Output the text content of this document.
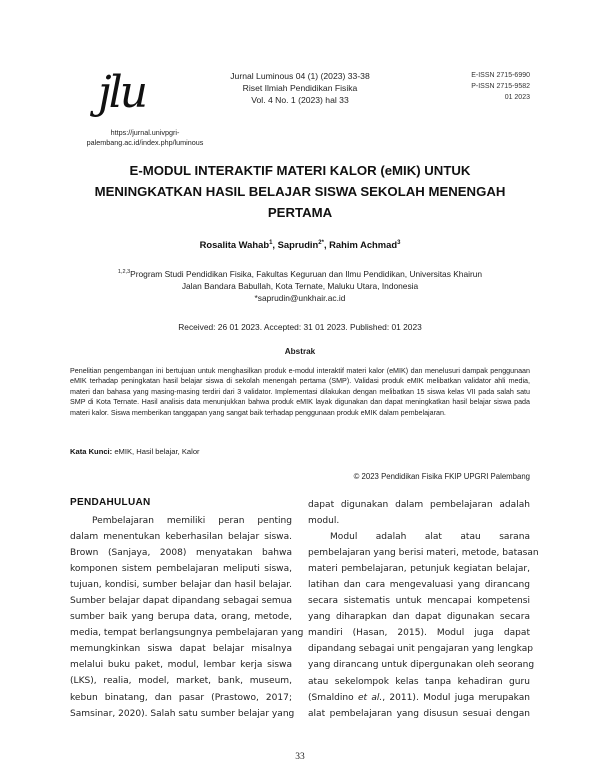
jlu
https://jurnal.univpgri-
palembang.ac.id/index.php/luminous
Jurnal Luminous 04 (1) (2023) 33-38
Riset Ilmiah Pendidikan Fisika
Vol. 4 No. 1 (2023) hal 33
E-ISSN 2715-6990
P-ISSN 2715-9582
01 2023
E-MODUL INTERAKTIF MATERI KALOR (eMIK) UNTUK
MENINGKATKAN HASIL BELAJAR SISWA SEKOLAH MENENGAH
PERTAMA
Rosalita Wahab$^1$, Saprudin$^{2*}$, Rahim Achmad$^3$
$^{1,2,3}$Program Studi Pendidikan Fisika, Fakultas Keguruan dan Ilmu Pendidikan, Universitas Khairun
Jalan Bandara Babullah, Kota Ternate, Maluku Utara, Indonesia
*saprudin@unkhair.ac.id
Received: 26 01 2023. Accepted: 31 01 2023. Published: 01 2023
Abstrak
Penelitian pengembangan ini bertujuan untuk menghasilkan produk e-modul interaktif materi kalor (eMIK) dan menelusuri dampak penggunaan eMIK terhadap peningkatan hasil belajar siswa di sekolah menengah pertama (SMP). Validasi produk eMIK melibatkan validator ahli media, materi dan bahasa yang masing-masing terdiri dari 3 validator. Implementasi dilakukan dengan melibatkan 15 siswa kelas VII pada salah satu SMP di Kota Ternate. Hasil analisis data menunjukkan bahwa produk eMIK layak digunakan dan dapat meningkatkan hasil belajar siswa pada materi kalor. Siswa memberikan tanggapan yang sangat baik terhadap penggunaan produk eMIK dalam pembelajaran.
Kata Kunci: eMIK, Hasil belajar, Kalor
© 2023 Pendidikan Fisika FKIP UPGRI Palembang
PENDAHULUAN
Pembelajaran memiliki peran penting
dalam menentukan keberhasilan belajar siswa.
Brown (Sanjaya, 2008) menyatakan bahwa
komponen sistem pembelajaran meliputi siswa,
tujuan, kondisi, sumber belajar dan hasil belajar.
Sumber belajar dapat dipandang sebagai semua
sumber baik yang berupa data, orang, metode,
media, tempat berlangsungnya pembelajaran yang
memungkinkan siswa dapat belajar misalnya
melalui buku paket, modul, lembar kerja siswa
(LKS), realia, model, market, bank, museum,
kebun binatang, dan pasar (Prastowo, 2017;
Samsinar, 2020). Salah satu sumber belajar yang
dapat digunakan dalam pembelajaran adalah
modul.
Modul adalah alat atau sarana
pembelajaran yang berisi materi, metode, batasan
materi pembelajaran, petunjuk kegiatan belajar,
latihan dan cara mengevaluasi yang dirancang
secara sistematis untuk mencapai kompetensi
yang diharapkan dan dapat digunakan secara
mandiri (Hasan, 2015). Modul juga dapat
dipandang sebagai unit pengajaran yang lengkap
yang dirancang untuk dipergunakan oleh seorang
atau sekelompok kelas tanpa kehadiran guru
(Smaldino et al., 2011). Modul juga merupakan
alat pembelajaran yang disusun sesuai dengan
33
